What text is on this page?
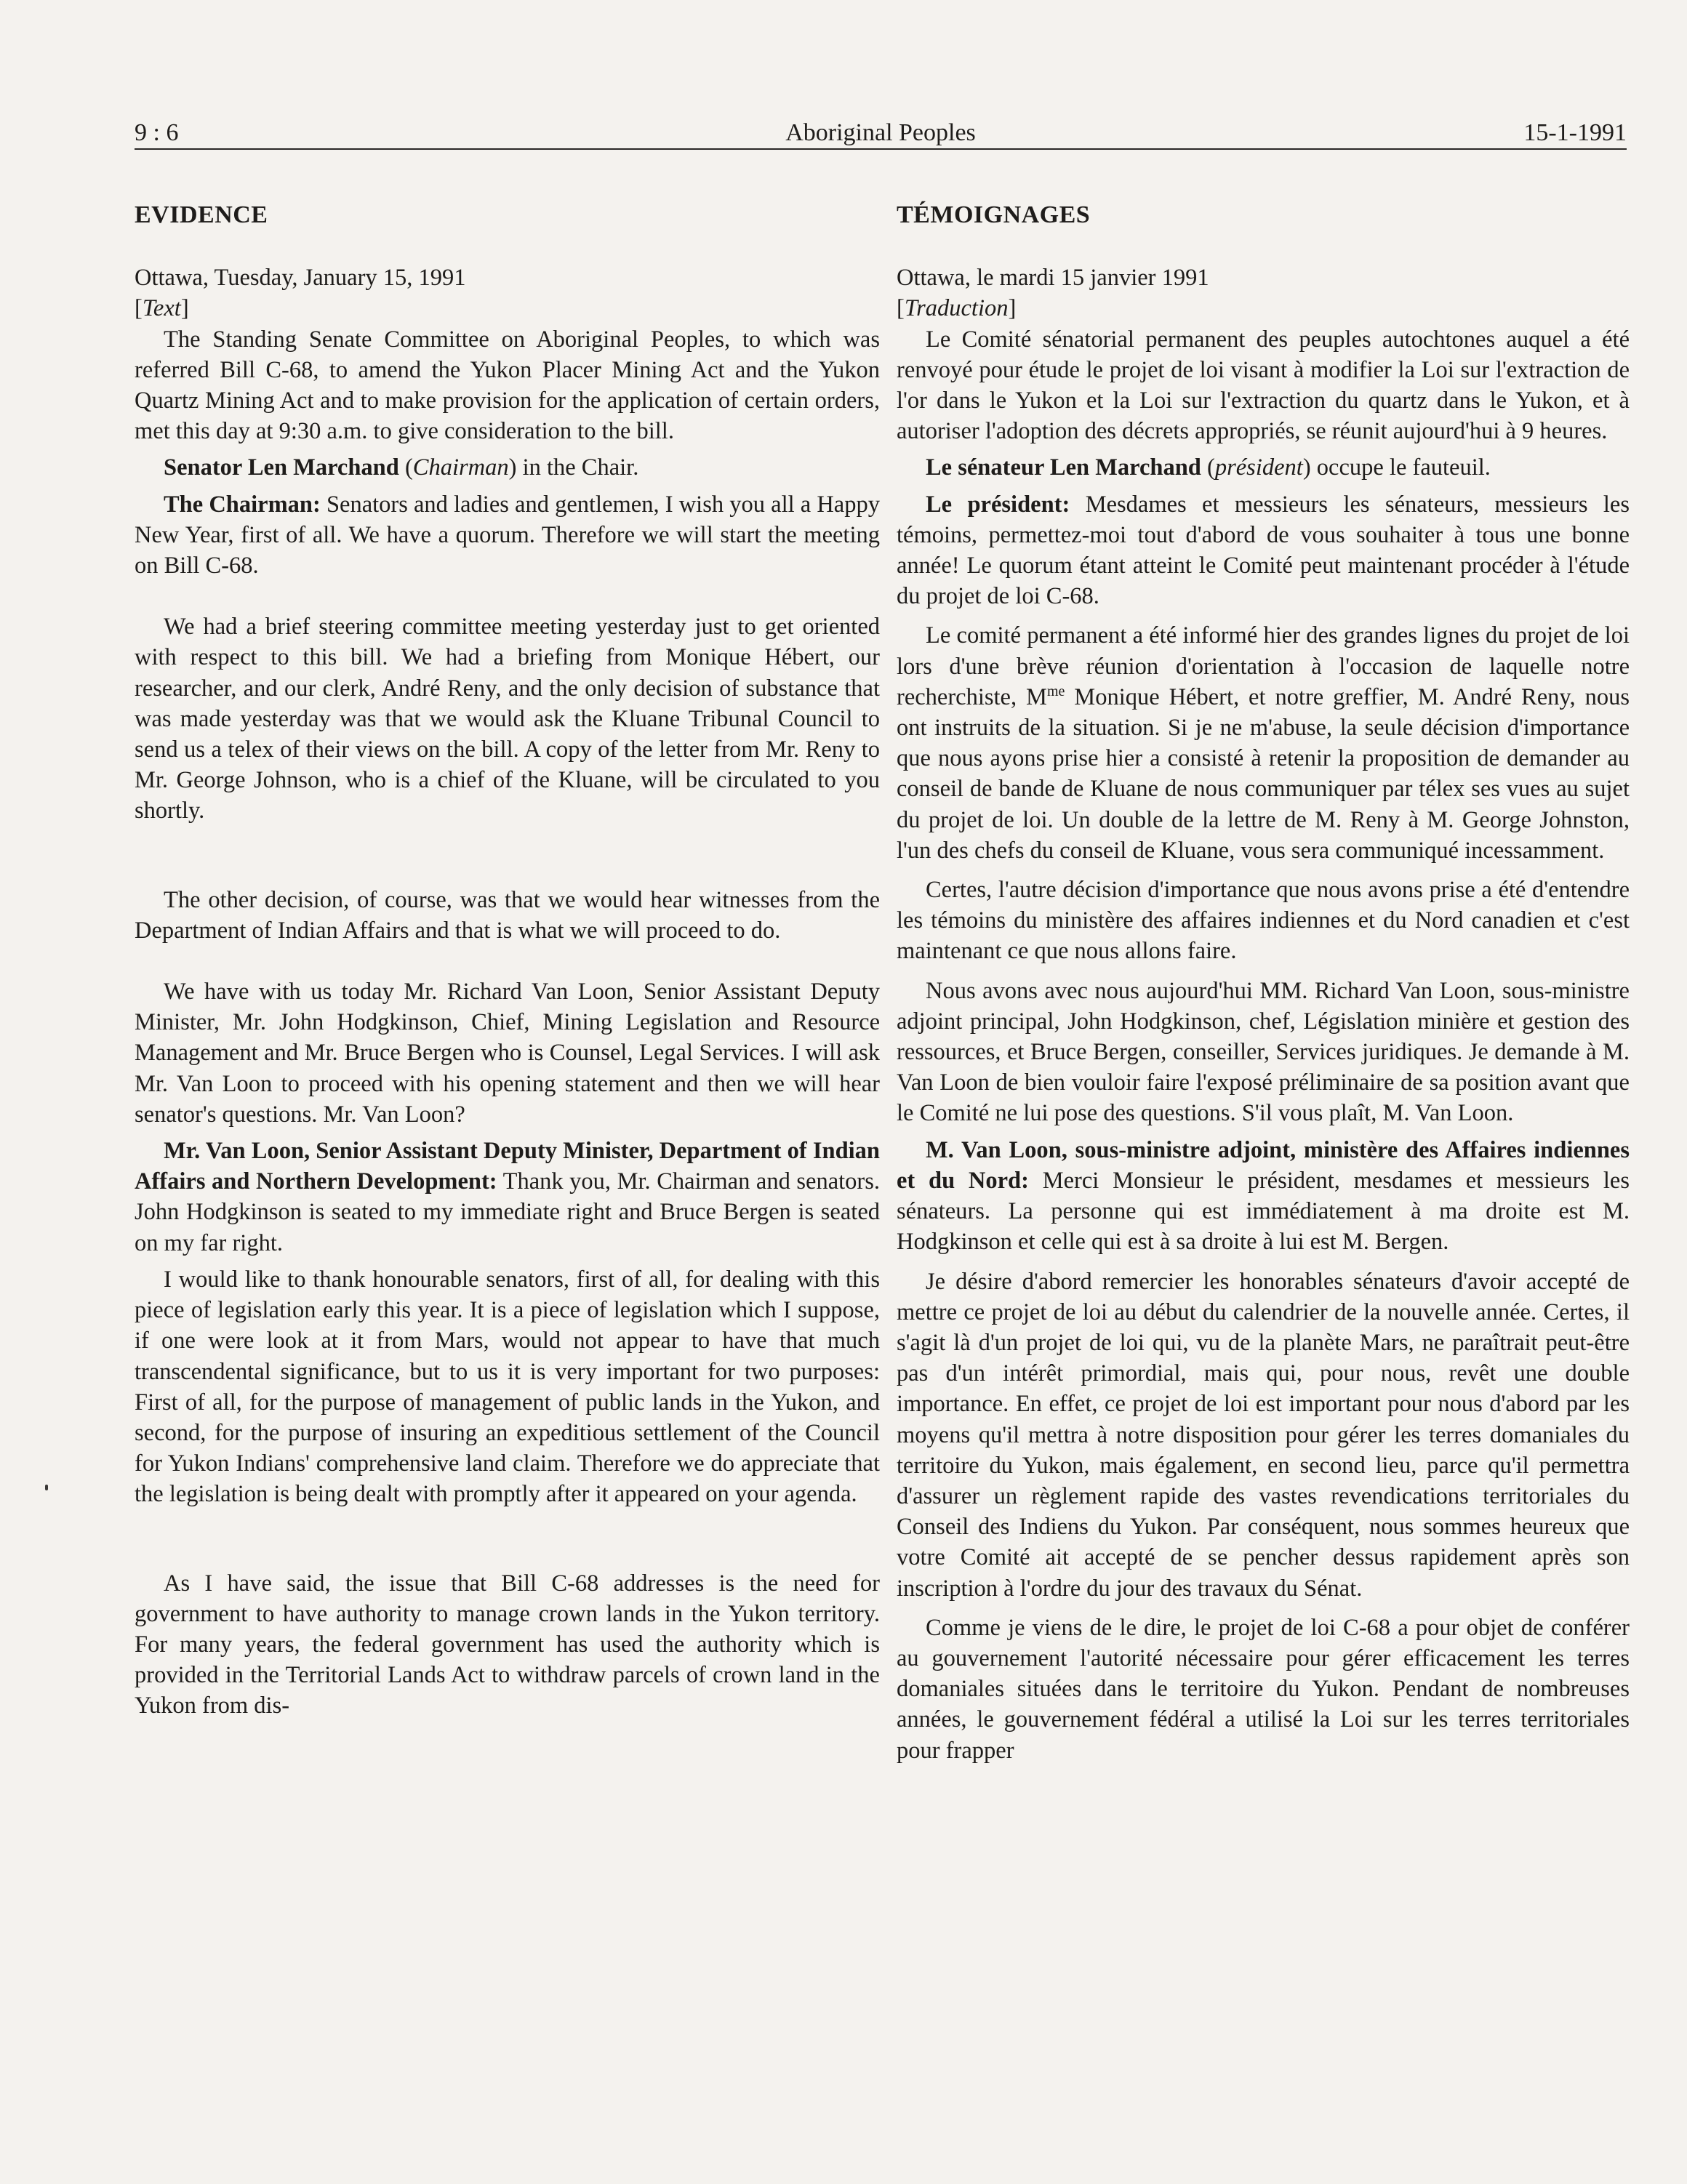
9 : 6	Aboriginal Peoples	15-1-1991

EVIDENCE

Ottawa, Tuesday, January 15, 1991

[Text]

The Standing Senate Committee on Aboriginal Peoples, to which was referred Bill C-68, to amend the Yukon Placer Mining Act and the Yukon Quartz Mining Act and to make provision for the application of certain orders, met this day at 9:30 a.m. to give consideration to the bill.

Senator Len Marchand (Chairman) in the Chair.

The Chairman: Senators and ladies and gentlemen, I wish you all a Happy New Year, first of all. We have a quorum. Therefore we will start the meeting on Bill C-68.

We had a brief steering committee meeting yesterday just to get oriented with respect to this bill. We had a briefing from Monique Hébert, our researcher, and our clerk, André Reny, and the only decision of substance that was made yesterday was that we would ask the Kluane Tribunal Council to send us a telex of their views on the bill. A copy of the letter from Mr. Reny to Mr. George Johnson, who is a chief of the Kluane, will be circulated to you shortly.

The other decision, of course, was that we would hear witnesses from the Department of Indian Affairs and that is what we will proceed to do.

We have with us today Mr. Richard Van Loon, Senior Assistant Deputy Minister, Mr. John Hodgkinson, Chief, Mining Legislation and Resource Management and Mr. Bruce Bergen who is Counsel, Legal Services. I will ask Mr. Van Loon to proceed with his opening statement and then we will hear senator's questions. Mr. Van Loon?

Mr. Van Loon, Senior Assistant Deputy Minister, Department of Indian Affairs and Northern Development: Thank you, Mr. Chairman and senators. John Hodgkinson is seated to my immediate right and Bruce Bergen is seated on my far right.

I would like to thank honourable senators, first of all, for dealing with this piece of legislation early this year. It is a piece of legislation which I suppose, if one were look at it from Mars, would not appear to have that much transcendental significance, but to us it is very important for two purposes: First of all, for the purpose of management of public lands in the Yukon, and second, for the purpose of insuring an expeditious settlement of the Council for Yukon Indians' comprehensive land claim. Therefore we do appreciate that the legislation is being dealt with promptly after it appeared on your agenda.

As I have said, the issue that Bill C-68 addresses is the need for government to have authority to manage crown lands in the Yukon territory. For many years, the federal government has used the authority which is provided in the Territorial Lands Act to withdraw parcels of crown land in the Yukon from dis-

TÉMOIGNAGES

Ottawa, le mardi 15 janvier 1991

[Traduction]

Le Comité sénatorial permanent des peuples autochtones auquel a été renvoyé pour étude le projet de loi visant à modifier la Loi sur l'extraction de l'or dans le Yukon et la Loi sur l'extraction du quartz dans le Yukon, et à autoriser l'adoption des décrets appropriés, se réunit aujourd'hui à 9 heures.

Le sénateur Len Marchand (président) occupe le fauteuil.

Le président: Mesdames et messieurs les sénateurs, messieurs les témoins, permettez-moi tout d'abord de vous souhaiter à tous une bonne année! Le quorum étant atteint le Comité peut maintenant procéder à l'étude du projet de loi C-68.

Le comité permanent a été informé hier des grandes lignes du projet de loi lors d'une brève réunion d'orientation à l'occasion de laquelle notre recherchiste, $M^{me}$ Monique Hébert, et notre greffier, M. André Reny, nous ont instruits de la situation. Si je ne m'abuse, la seule décision d'importance que nous ayons prise hier a consisté à retenir la proposition de demander au conseil de bande de Kluane de nous communiquer par télex ses vues au sujet du projet de loi. Un double de la lettre de M. Reny à M. George Johnston, l'un des chefs du conseil de Kluane, vous sera communiqué incessamment.

Certes, l'autre décision d'importance que nous avons prise a été d'entendre les témoins du ministère des affaires indiennes et du Nord canadien et c'est maintenant ce que nous allons faire.

Nous avons avec nous aujourd'hui MM. Richard Van Loon, sous-ministre adjoint principal, John Hodgkinson, chef, Législation minière et gestion des ressources, et Bruce Bergen, conseiller, Services juridiques. Je demande à M. Van Loon de bien vouloir faire l'exposé préliminaire de sa position avant que le Comité ne lui pose des questions. S'il vous plaît, M. Van Loon.

M. Van Loon, sous-ministre adjoint, ministère des Affaires indiennes et du Nord: Merci Monsieur le président, mesdames et messieurs les sénateurs. La personne qui est immédiatement à ma droite est M. Hodgkinson et celle qui est à sa droite à lui est M. Bergen.

Je désire d'abord remercier les honorables sénateurs d'avoir accepté de mettre ce projet de loi au début du calendrier de la nouvelle année. Certes, il s'agit là d'un projet de loi qui, vu de la planète Mars, ne paraîtrait peut-être pas d'un intérêt primordial, mais qui, pour nous, revêt une double importance. En effet, ce projet de loi est important pour nous d'abord par les moyens qu'il mettra à notre disposition pour gérer les terres domaniales du territoire du Yukon, mais également, en second lieu, parce qu'il permettra d'assurer un règlement rapide des vastes revendications territoriales du Conseil des Indiens du Yukon. Par conséquent, nous sommes heureux que votre Comité ait accepté de se pencher dessus rapidement après son inscription à l'ordre du jour des travaux du Sénat.

Comme je viens de le dire, le projet de loi C-68 a pour objet de conférer au gouvernement l'autorité nécessaire pour gérer efficacement les terres domaniales situées dans le territoire du Yukon. Pendant de nombreuses années, le gouvernement fédéral a utilisé la Loi sur les terres territoriales pour frapper
